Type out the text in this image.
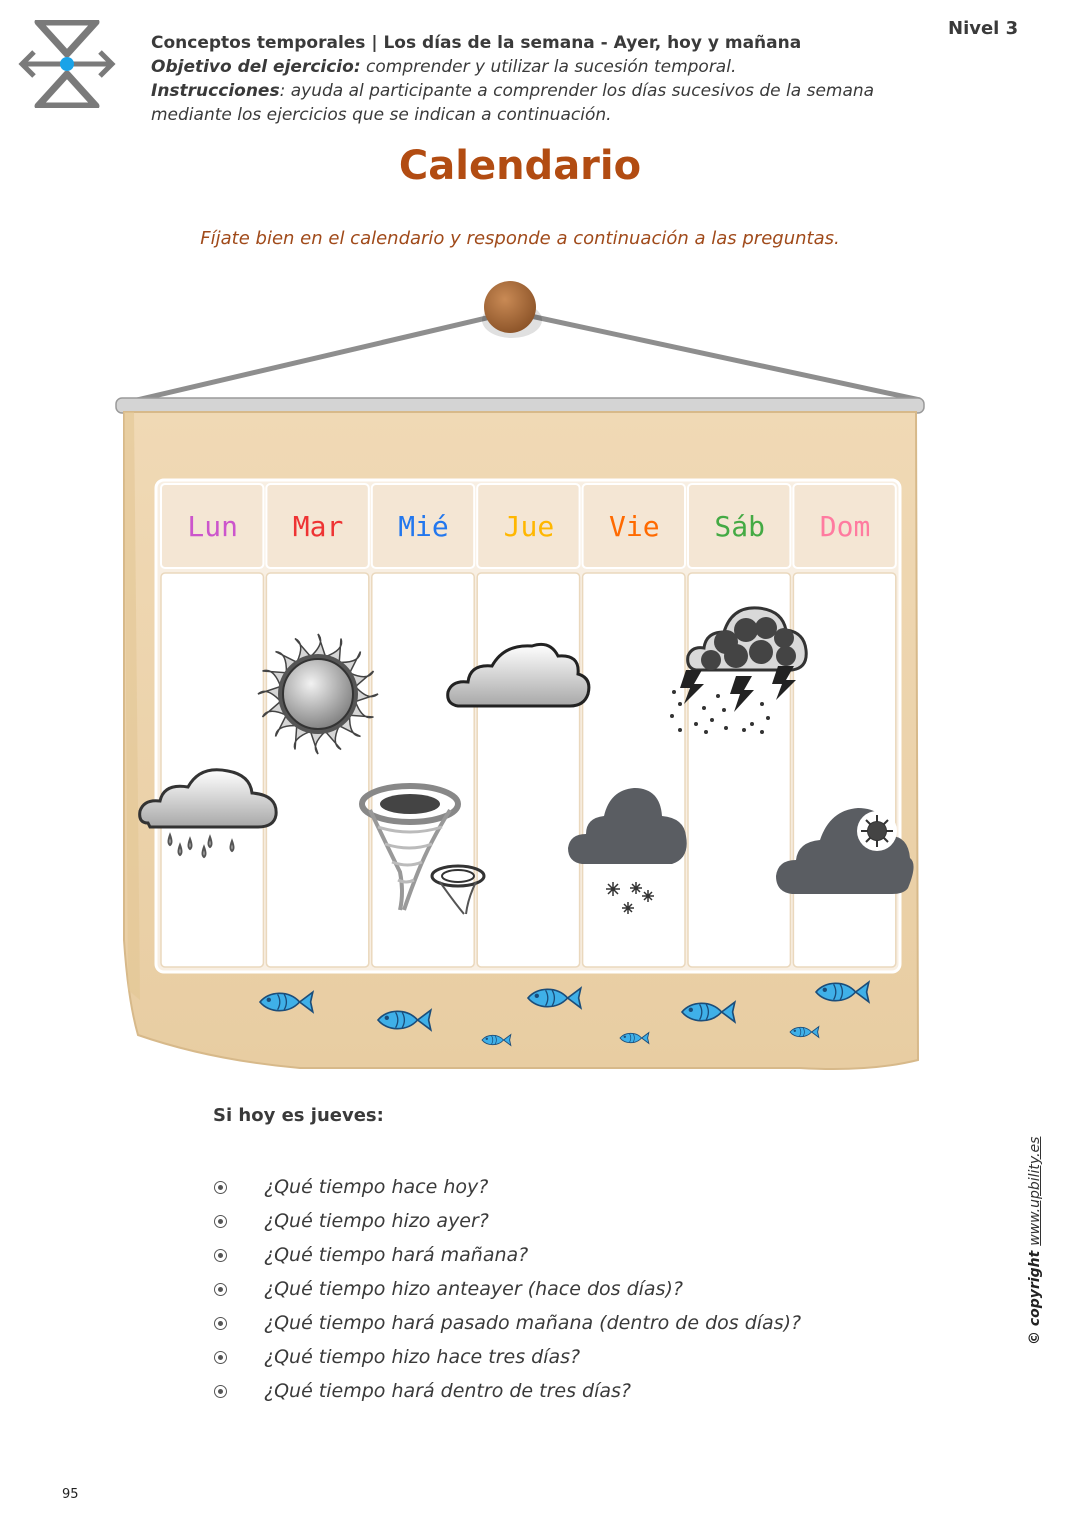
Conceptos temporales | Los días de la semana - Ayer, hoy y mañana
Objetivo del ejercicio: comprender y utilizar la sucesión temporal.
Instrucciones: ayuda al participante a comprender los días sucesivos de la semana mediante los ejercicios que se indican a continuación.
Nivel 3
Calendario
Fíjate bien en el calendario y responde a continuación a las preguntas.
Lun Mar Mié Jue Vie Sáb Dom
Si hoy es jueves:
¿Qué tiempo hace hoy?
¿Qué tiempo hizo ayer?
¿Qué tiempo hará mañana?
¿Qué tiempo hizo anteayer (hace dos días)?
¿Qué tiempo hará pasado mañana (dentro de dos días)?
¿Qué tiempo hizo hace tres días?
¿Qué tiempo hará dentro de tres días?
© copyright www.upbility.es
95
